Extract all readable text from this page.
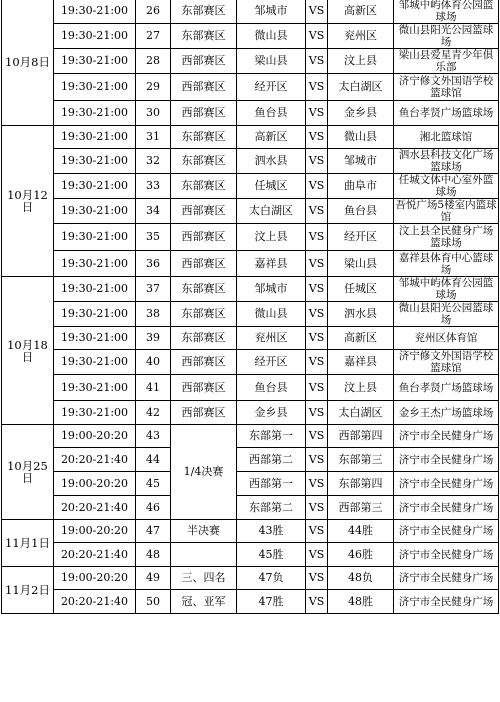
10月8日	19:30-21:00	26	东部赛区	邹城市	VS	高新区	邹城中屿体育公园篮球场
	19:30-21:00	27	东部赛区	微山县	VS	兖州区	微山县阳光公园篮球场
	19:30-21:00	28	西部赛区	梁山县	VS	汶上县	梁山县爱星青少年俱乐部
	19:30-21:00	29	西部赛区	经开区	VS	太白湖区	济宁修文外国语学校篮球馆
	19:30-21:00	30	西部赛区	鱼台县	VS	金乡县	鱼台孝贤广场篮球场
10月12日	19:30-21:00	31	东部赛区	高新区	VS	微山县	湘北篮球馆
	19:30-21:00	32	东部赛区	泗水县	VS	邹城市	泗水县科技文化广场篮球场
	19:30-21:00	33	东部赛区	任城区	VS	曲阜市	任城文体中心室外篮球场
	19:30-21:00	34	西部赛区	太白湖区	VS	鱼台县	吾悦广场5楼室内篮球馆
	19:30-21:00	35	西部赛区	汶上县	VS	经开区	汶上县全民健身广场篮球场
	19:30-21:00	36	西部赛区	嘉祥县	VS	梁山县	嘉祥县体育中心篮球场
10月18日	19:30-21:00	37	东部赛区	邹城市	VS	任城区	邹城中屿体育公园篮球场
	19:30-21:00	38	东部赛区	微山县	VS	泗水县	微山县阳光公园篮球场
	19:30-21:00	39	东部赛区	兖州区	VS	高新区	兖州区体育馆
	19:30-21:00	40	西部赛区	经开区	VS	嘉祥县	济宁修文外国语学校篮球馆
	19:30-21:00	41	西部赛区	鱼台县	VS	汶上县	鱼台孝贤广场篮球场
	19:30-21:00	42	西部赛区	金乡县	VS	太白湖区	金乡王杰广场篮球场
10月25日	19:00-20:20	43	1/4决赛	东部第一	VS	西部第四	济宁市全民健身广场
	20:20-21:40	44		西部第二	VS	东部第三	济宁市全民健身广场
	19:00-20:20	45		西部第一	VS	东部第四	济宁市全民健身广场
	20:20-21:40	46		东部第二	VS	西部第三	济宁市全民健身广场
11月1日	19:00-20:20	47	半决赛	43胜	VS	44胜	济宁市全民健身广场
	20:20-21:40	48		45胜	VS	46胜	济宁市全民健身广场
11月2日	19:00-20:20	49	三、四名	47负	VS	48负	济宁市全民健身广场
	20:20-21:40	50	冠、亚军	47胜	VS	48胜	济宁市全民健身广场
